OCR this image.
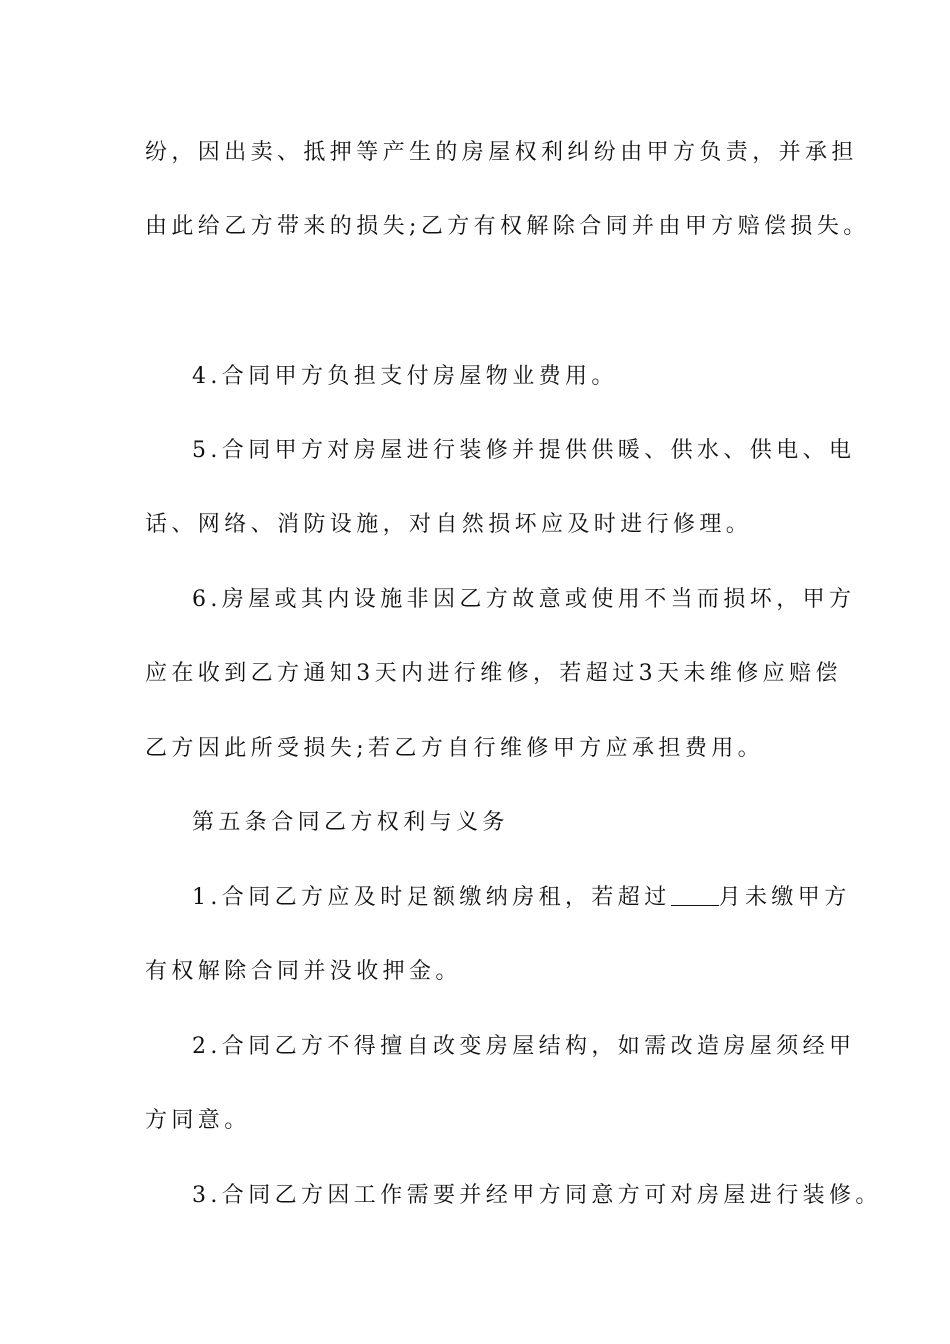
纷，因出卖、抵押等产生的房屋权利纠纷由甲方负责，并承担

由此给乙方带来的损失;乙方有权解除合同并由甲方赔偿损失。

4.合同甲方负担支付房屋物业费用。

5.合同甲方对房屋进行装修并提供供暖、供水、供电、电

话、网络、消防设施，对自然损坏应及时进行修理。

6.房屋或其内设施非因乙方故意或使用不当而损坏，甲方

应在收到乙方通知3天内进行维修，若超过3天未维修应赔偿

乙方因此所受损失;若乙方自行维修甲方应承担费用。

第五条合同乙方权利与义务

1.合同乙方应及时足额缴纳房租，若超过 月未缴甲方

有权解除合同并没收押金。

2.合同乙方不得擅自改变房屋结构，如需改造房屋须经甲

方同意。

3.合同乙方因工作需要并经甲方同意方可对房屋进行装修。
